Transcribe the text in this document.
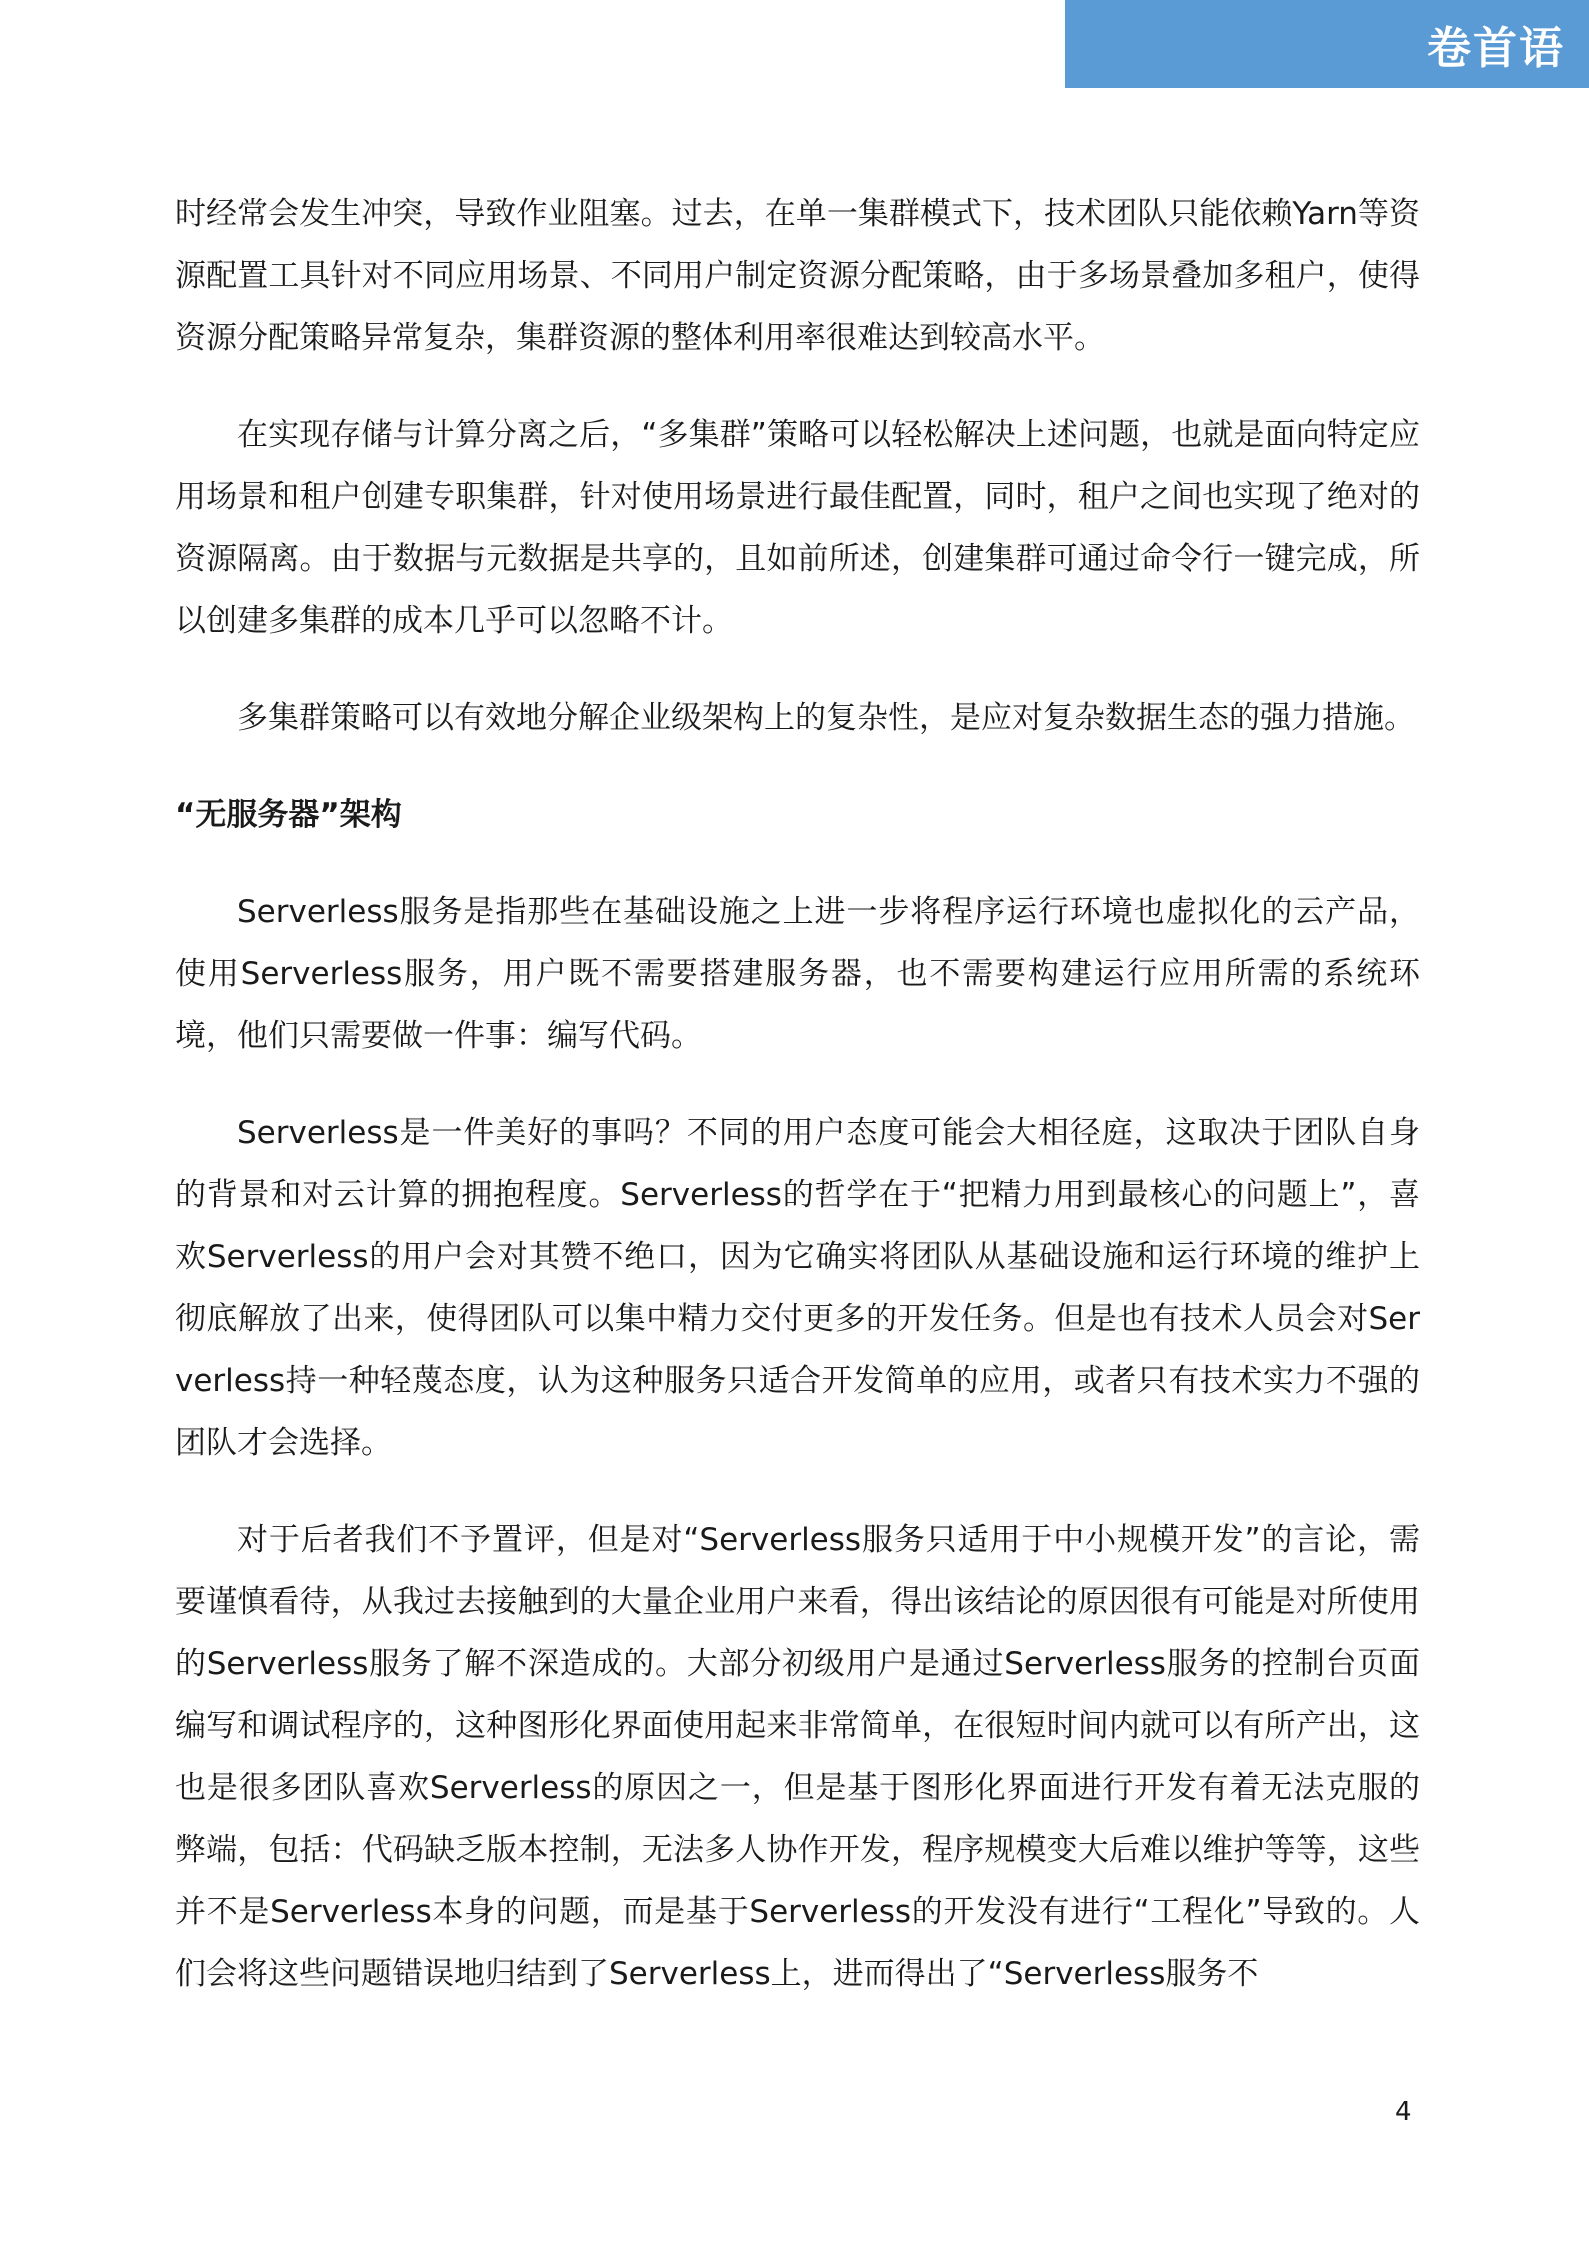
卷首语

时经常会发生冲突，导致作业阻塞。过去，在单一集群模式下，技术团队只能依赖Yarn等资源配置工具针对不同应用场景、不同用户制定资源分配策略，由于多场景叠加多租户，使得资源分配策略异常复杂，集群资源的整体利用率很难达到较高水平。

在实现存储与计算分离之后，“多集群”策略可以轻松解决上述问题，也就是面向特定应用场景和租户创建专职集群，针对使用场景进行最佳配置，同时，租户之间也实现了绝对的资源隔离。由于数据与元数据是共享的，且如前所述，创建集群可通过命令行一键完成，所以创建多集群的成本几乎可以忽略不计。

多集群策略可以有效地分解企业级架构上的复杂性，是应对复杂数据生态的强力措施。

“无服务器”架构

Serverless服务是指那些在基础设施之上进一步将程序运行环境也虚拟化的云产品，使用Serverless服务，用户既不需要搭建服务器，也不需要构建运行应用所需的系统环境，他们只需要做一件事：编写代码。

Serverless是一件美好的事吗？不同的用户态度可能会大相径庭，这取决于团队自身的背景和对云计算的拥抱程度。Serverless的哲学在于“把精力用到最核心的问题上”，喜欢Serverless的用户会对其赞不绝口，因为它确实将团队从基础设施和运行环境的维护上彻底解放了出来，使得团队可以集中精力交付更多的开发任务。但是也有技术人员会对Serverless持一种轻蔑态度，认为这种服务只适合开发简单的应用，或者只有技术实力不强的团队才会选择。

对于后者我们不予置评，但是对“Serverless服务只适用于中小规模开发”的言论，需要谨慎看待，从我过去接触到的大量企业用户来看，得出该结论的原因很有可能是对所使用的Serverless服务了解不深造成的。大部分初级用户是通过Serverless服务的控制台页面编写和调试程序的，这种图形化界面使用起来非常简单，在很短时间内就可以有所产出，这也是很多团队喜欢Serverless的原因之一，但是基于图形化界面进行开发有着无法克服的弊端，包括：代码缺乏版本控制，无法多人协作开发，程序规模变大后难以维护等等，这些并不是Serverless本身的问题，而是基于Serverless的开发没有进行“工程化”导致的。人们会将这些问题错误地归结到了Serverless上，进而得出了“Serverless服务不

4
